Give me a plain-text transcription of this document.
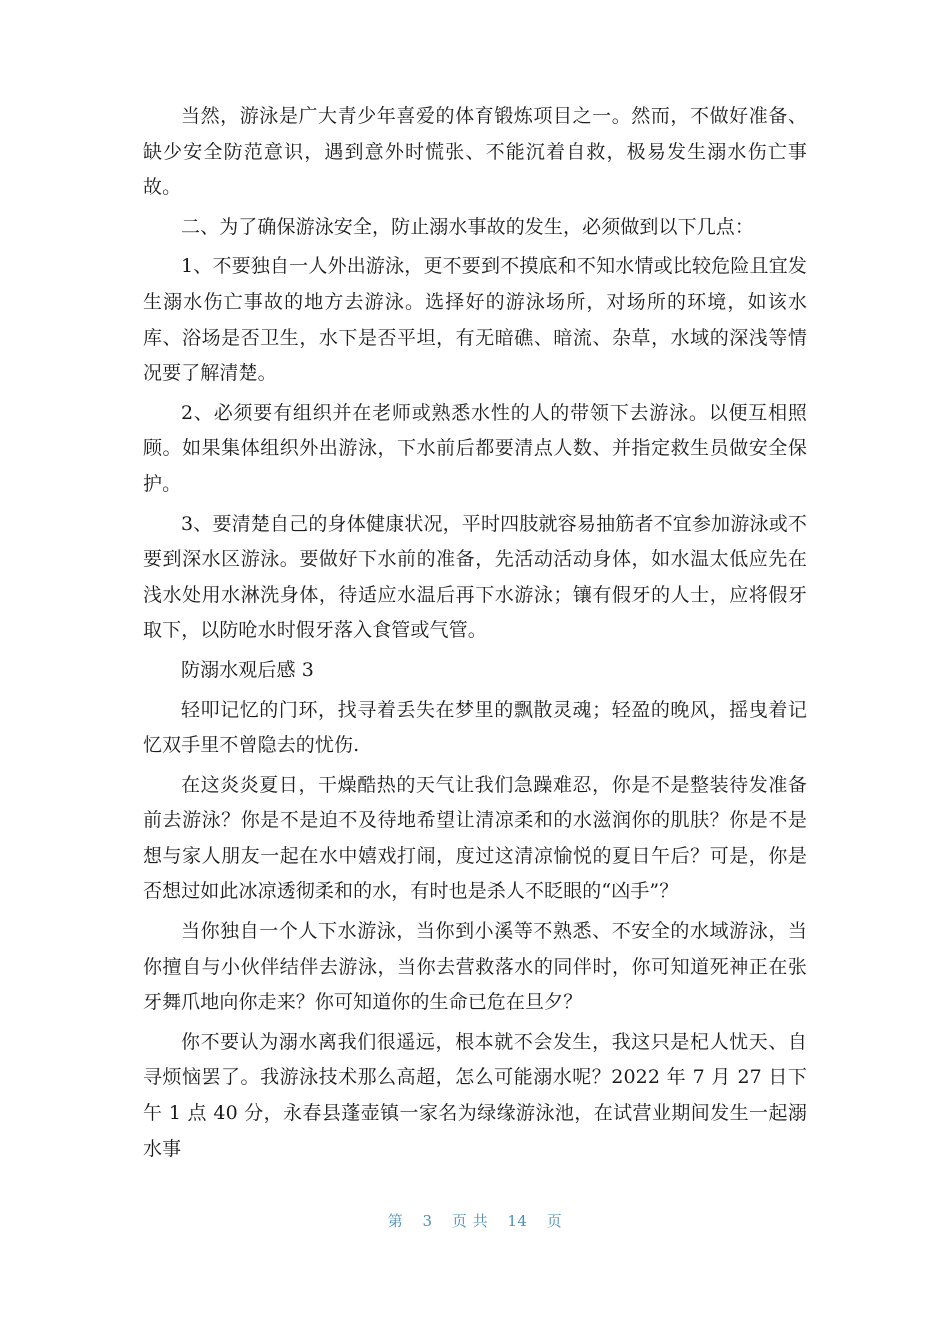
当然，游泳是广大青少年喜爱的体育锻炼项目之一。然而，不做好准备、缺少安全防范意识，遇到意外时慌张、不能沉着自救，极易发生溺水伤亡事故。

二、为了确保游泳安全，防止溺水事故的发生，必须做到以下几点：

1、不要独自一人外出游泳，更不要到不摸底和不知水情或比较危险且宜发生溺水伤亡事故的地方去游泳。选择好的游泳场所，对场所的环境，如该水库、浴场是否卫生，水下是否平坦，有无暗礁、暗流、杂草，水域的深浅等情况要了解清楚。

2、必须要有组织并在老师或熟悉水性的人的带领下去游泳。以便互相照顾。如果集体组织外出游泳，下水前后都要清点人数、并指定救生员做安全保护。

3、要清楚自己的身体健康状况，平时四肢就容易抽筋者不宜参加游泳或不要到深水区游泳。要做好下水前的准备，先活动活动身体，如水温太低应先在浅水处用水淋洗身体，待适应水温后再下水游泳；镶有假牙的人士，应将假牙取下，以防呛水时假牙落入食管或气管。

防溺水观后感 3

轻叩记忆的门环，找寻着丢失在梦里的飘散灵魂；轻盈的晚风，摇曳着记忆双手里不曾隐去的忧伤.

在这炎炎夏日，干燥酷热的天气让我们急躁难忍，你是不是整装待发准备前去游泳？你是不是迫不及待地希望让清凉柔和的水滋润你的肌肤？你是不是想与家人朋友一起在水中嬉戏打闹，度过这清凉愉悦的夏日午后？可是，你是否想过如此冰凉透彻柔和的水，有时也是杀人不眨眼的“凶手”？

当你独自一个人下水游泳，当你到小溪等不熟悉、不安全的水域游泳，当你擅自与小伙伴结伴去游泳，当你去营救落水的同伴时，你可知道死神正在张牙舞爪地向你走来？你可知道你的生命已危在旦夕？

你不要认为溺水离我们很遥远，根本就不会发生，我这只是杞人忧天、自寻烦恼罢了。我游泳技术那么高超，怎么可能溺水呢？2022 年 7 月 27 日下午 1 点 40 分，永春县蓬壶镇一家名为绿缘游泳池，在试营业期间发生一起溺水事

第 3 页 共 14 页
